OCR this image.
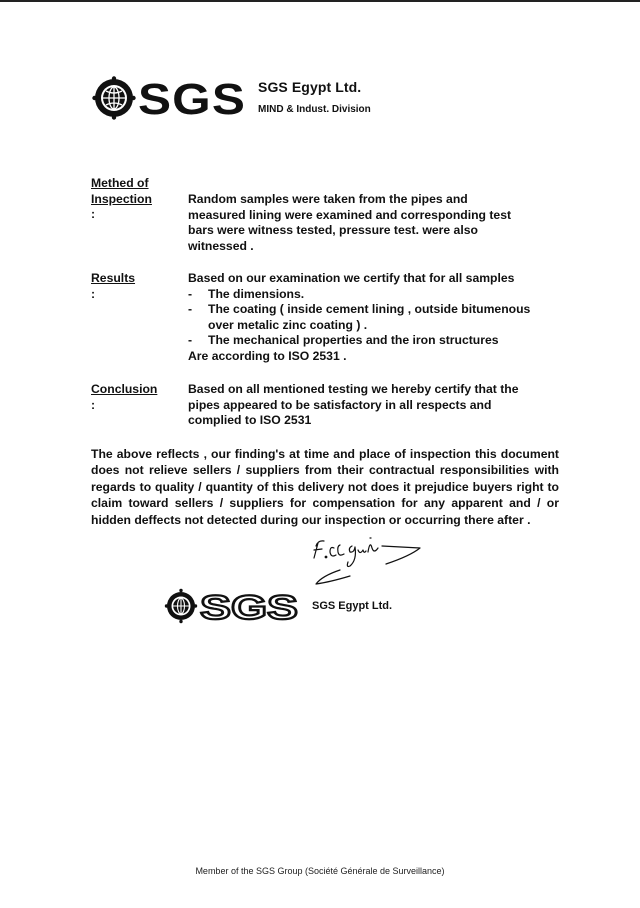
SGS SGS Egypt Ltd.
MIND & Indust. Division
Methed of Inspection :
Random samples were taken from the pipes and
measured lining were examined and corresponding test
bars were witness tested, pressure test. were also
witnessed .
Results :
Based on our examination we certify that for all samples
- The dimensions.
- The coating ( inside cement lining , outside bitumenous
over metalic zinc coating ) .
- The mechanical properties and the iron structures
Are according to ISO 2531 .
Conclusion :
Based on all mentioned testing we hereby certify that the
pipes appeared to be satisfactory in all respects and
complied to ISO 2531
The above reflects , our finding's at time and place of inspection this document does not relieve sellers / suppliers from their contractual responsibilities with regards to quality / quantity of this delivery not does it prejudice buyers right to claim toward sellers / suppliers for compensation for any apparent and / or hidden deffects not detected during our inspection or occurring there after .
SGS SGS Egypt Ltd.
Member of the SGS Group (Société Générale de Surveillance)
